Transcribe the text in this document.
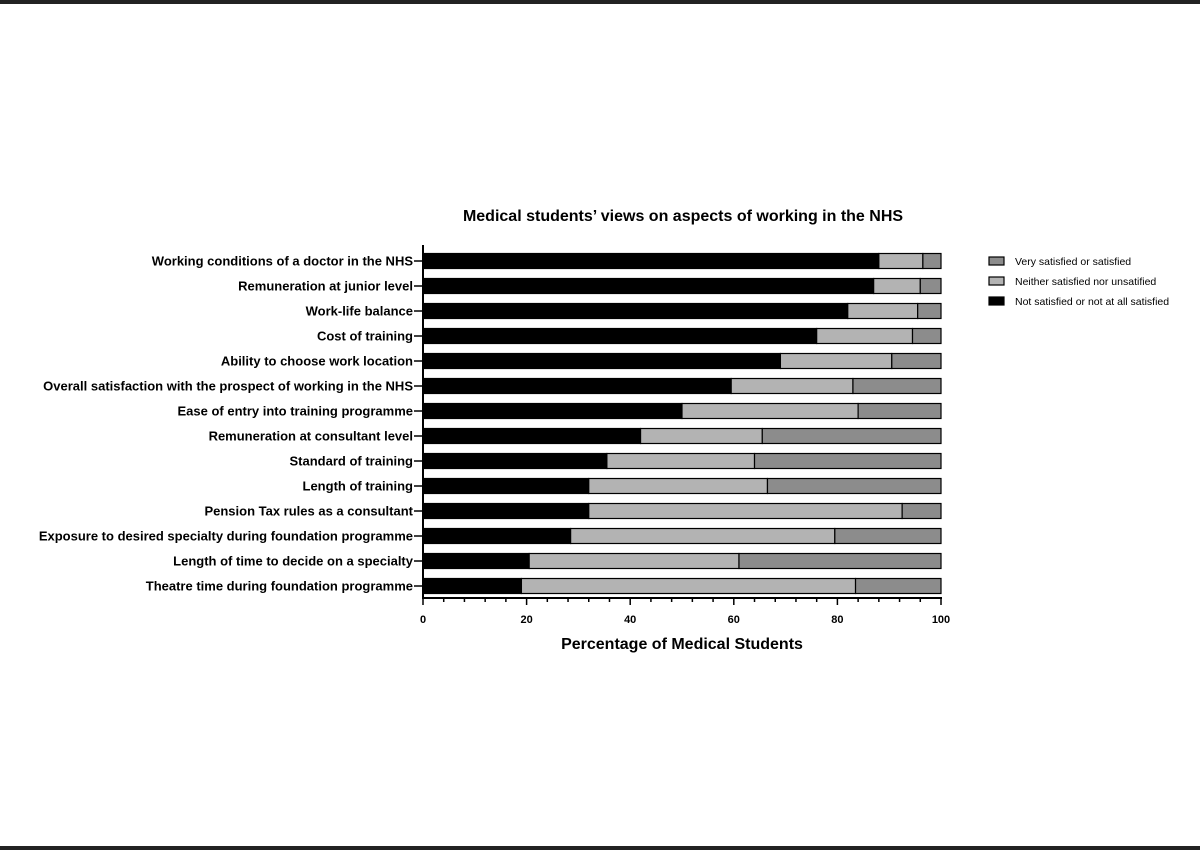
Medical students’ views on aspects of working in the NHS
Working conditions of a doctor in the NHS
Remuneration at junior level
Work-life balance
Cost of training
Ability to choose work location
Overall satisfaction with the prospect of working in the NHS
Ease of entry into training programme
Remuneration at consultant level
Standard of training
Length of training
Pension Tax rules as a consultant
Exposure to desired specialty during foundation programme
Length of time to decide on a specialty
Theatre time during foundation programme
0	20	40	60	80	100
Percentage of Medical Students
Very satisfied or satisfied
Neither satisfied nor unsatified
Not satisfied or not at all satisfied
